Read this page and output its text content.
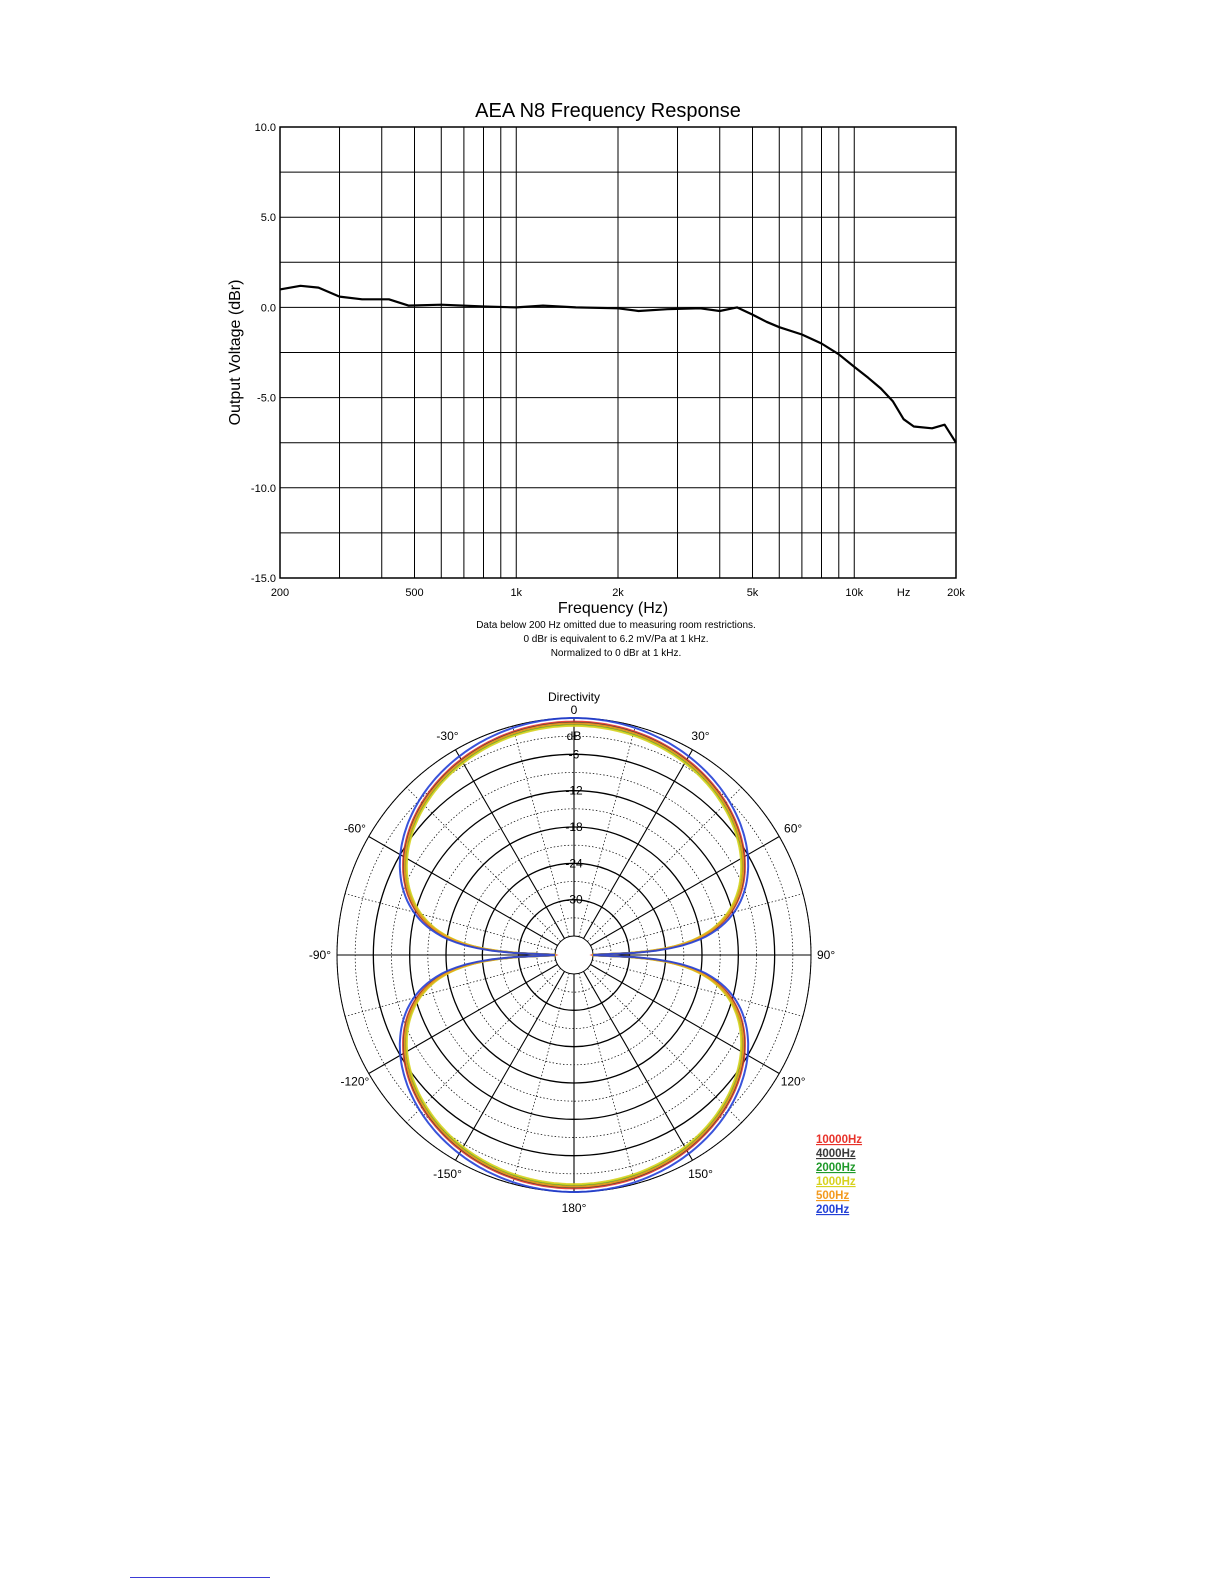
AEA N8 Frequency Response
Frequency (Hz)
Output Voltage (dBr)
10.0
5.0
0.0
-5.0
-10.0
-15.0
200	500	1k	2k	5k	10k	20k
Hz
Data below 200 Hz omitted due to measuring room restrictions.
0 dBr is equivalent to 6.2 mV/Pa at 1 kHz.
Normalized to 0 dBr at 1 kHz.
0
-6
-12
-18
-24
-30
dB
Directivity
30°
60°
90°
120°
150°
180°
-150°
-120°
-90°
-60°
-30°
10000Hz
4000Hz
2000Hz
1000Hz
500Hz
200Hz
